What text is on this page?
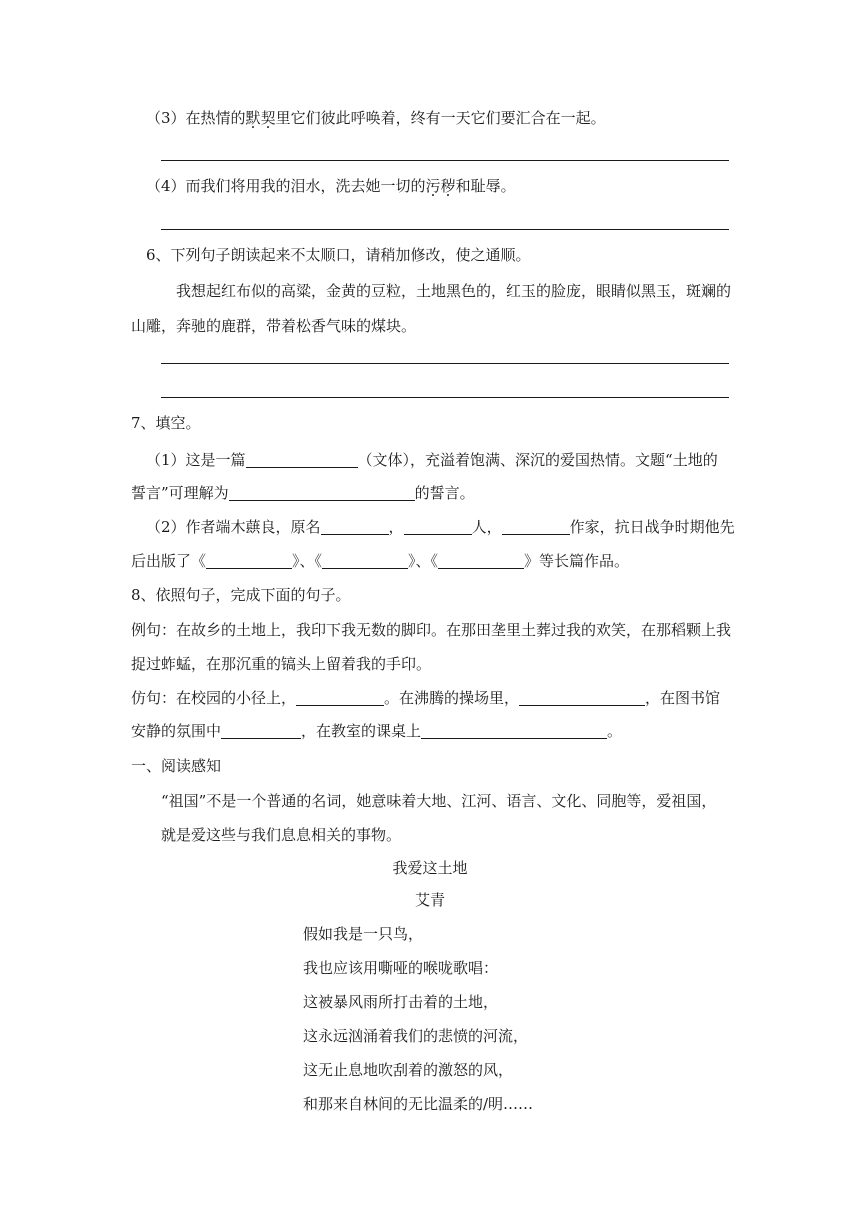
（3）在热情的默契里它们彼此呼唤着，终有一天它们要汇合在一起。
（4）而我们将用我的泪水，洗去她一切的污秽和耻辱。
6、下列句子朗读起来不太顺口，请稍加修改，使之通顺。
我想起红布似的高粱，金黄的豆粒，土地黑色的，红玉的脸庞，眼睛似黑玉，斑斓的
山雕，奔驰的鹿群，带着松香气味的煤块。
7、填空。
（1）这是一篇	（文体），充溢着饱满、深沉的爱国热情。文题“土地的
誓言”可理解为	的誓言。
（2）作者端木蕻良，原名	，	人，	作家，抗日战争时期他先
后出版了《	》、《	》、《	》等长篇作品。
8、依照句子，完成下面的句子。
例句：在故乡的土地上，我印下我无数的脚印。在那田垄里土葬过我的欢笑，在那稻颗上我
捉过蚱蜢，在那沉重的镐头上留着我的手印。
仿句：在校园的小径上，	。在沸腾的操场里，	，在图书馆
安静的氛围中	，在教室的课桌上	。
一、阅读感知
“祖国”不是一个普通的名词，她意味着大地、江河、语言、文化、同胞等，爱祖国，
就是爱这些与我们息息相关的事物。
我爱这土地
艾青
假如我是一只鸟，
我也应该用嘶哑的喉咙歌唱：
这被暴风雨所打击着的土地，
这永远汹涌着我们的悲愤的河流，
这无止息地吹刮着的激怒的风，
和那来自林间的无比温柔的/明……
